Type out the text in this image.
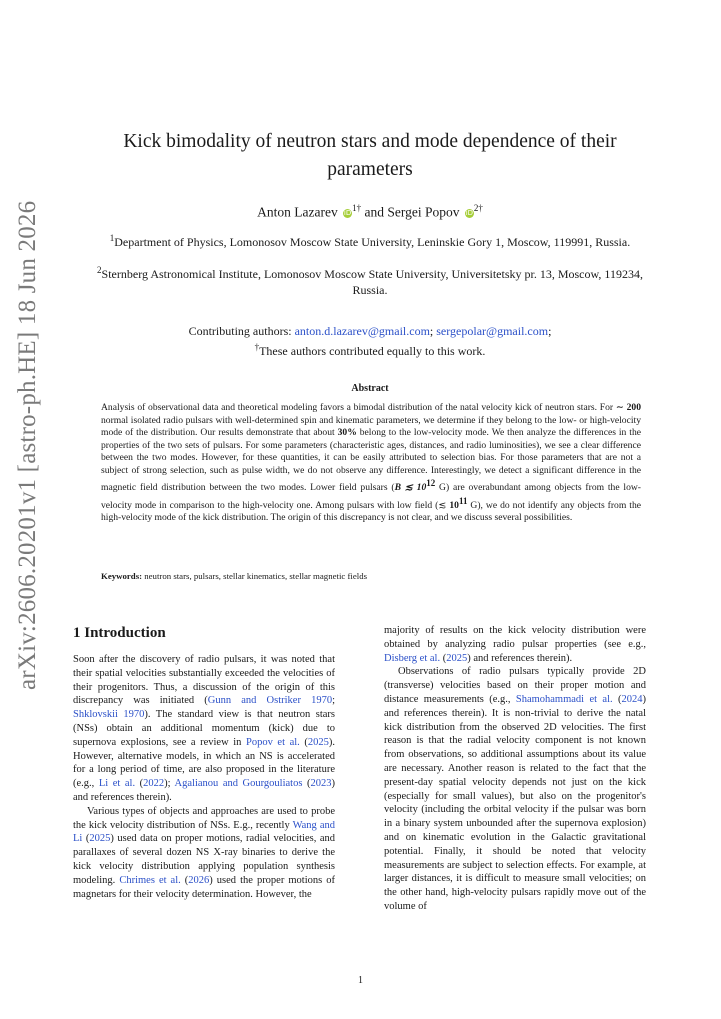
arXiv:2606.20201v1 [astro-ph.HE] 18 Jun 2026
Kick bimodality of neutron stars and mode dependence of their parameters
Anton Lazarev $iD^{1\dagger}$ and Sergei Popov $iD^{2\dagger}$
$^1$Department of Physics, Lomonosov Moscow State University, Leninskie Gory 1, Moscow, 119991, Russia.
$^2$Sternberg Astronomical Institute, Lomonosov Moscow State University, Universitetsky pr. 13, Moscow, 119234, Russia.
Contributing authors: anton.d.lazarev@gmail.com; sergepolar@gmail.com;
†These authors contributed equally to this work.
Abstract
Analysis of observational data and theoretical modeling favors a bimodal distribution of the natal velocity kick of neutron stars. For ∼ 200 normal isolated radio pulsars with well-determined spin and kinematic parameters, we determine if they belong to the low- or high-velocity mode of the distribution. Our results demonstrate that about 30% belong to the low-velocity mode. We then analyze the differences in the properties of the two sets of pulsars. For some parameters (characteristic ages, distances, and radio luminosities), we see a clear difference between the two modes. However, for these quantities, it can be easily attributed to selection bias. For those parameters that are not a subject of strong selection, such as pulse width, we do not observe any difference. Interestingly, we detect a significant difference in the magnetic field distribution between the two modes. Lower field pulsars (B ≲ $10^{12}$ G) are overabundant among objects from the low-velocity mode in comparison to the high-velocity one. Among pulsars with low field (≲ $10^{11}$ G), we do not identify any objects from the high-velocity mode of the kick distribution. The origin of this discrepancy is not clear, and we discuss several possibilities.
Keywords: neutron stars, pulsars, stellar kinematics, stellar magnetic fields
1 Introduction

Soon after the discovery of radio pulsars, it was noted that their spatial velocities substantially exceeded the velocities of their progenitors. Thus, a discussion of the origin of this discrepancy was initiated (Gunn and Ostriker 1970; Shklovskii 1970). The standard view is that neutron stars (NSs) obtain an additional momentum (kick) due to supernova explosions, see a review in Popov et al. (2025). However, alternative models, in which an NS is accelerated for a long period of time, are also proposed in the literature (e.g., Li et al. (2022); Agalianou and Gourgouliatos (2023) and references therein).

Various types of objects and approaches are used to probe the kick velocity distribution of NSs. E.g., recently Wang and Li (2025) used data on proper motions, radial velocities, and parallaxes of several dozen NS X-ray binaries to derive the kick velocity distribution applying population synthesis modeling. Chrimes et al. (2026) used the proper motions of magnetars for their velocity determination. However, the

majority of results on the kick velocity distribution were obtained by analyzing radio pulsar properties (see e.g., Disberg et al. (2025) and references therein).

Observations of radio pulsars typically provide 2D (transverse) velocities based on their proper motion and distance measurements (e.g., Shamohammadi et al. (2024) and references therein). It is non-trivial to derive the natal kick distribution from the observed 2D velocities. The first reason is that the radial velocity component is not known from observations, so additional assumptions about its value are necessary. Another reason is related to the fact that the present-day spatial velocity depends not just on the kick (especially for small values), but also on the progenitor's velocity (including the orbital velocity if the pulsar was born in a binary system unbounded after the supernova explosion) and on kinematic evolution in the Galactic gravitational potential. Finally, it should be noted that velocity measurements are subject to selection effects. For example, at larger distances, it is difficult to measure small velocities; on the other hand, high-velocity pulsars rapidly move out of the volume of

1
